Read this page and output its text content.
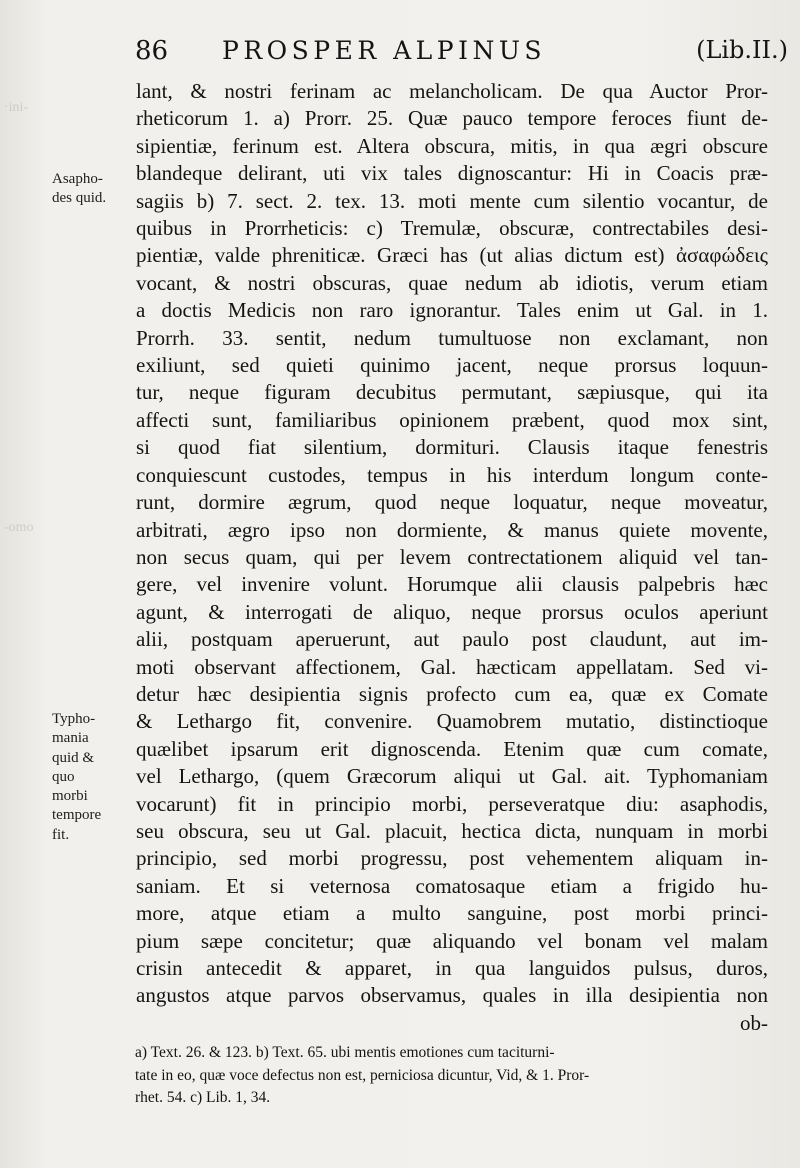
·ini-
-omo
86 PROSPER ALPINUS	(Lib.II.)
Asapho-
des quid.
Typho-
mania
quid &
quo
morbi
tempore
fit.
lant, & nostri ferinam ac melancholicam. De qua Auctor Pror-
rheticorum 1. a) Prorr. 25. Quæ pauco tempore feroces fiunt de-
sipientiæ, ferinum est. Altera obscura, mitis, in qua ægri obscure
blandeque delirant, uti vix tales dignoscantur: Hi in Coacis præ-
sagiis b) 7. sect. 2. tex. 13. moti mente cum silentio vocantur, de
quibus in Prorrheticis: c) Tremulæ, obscuræ, contrectabiles desi-
pientiæ, valde phreniticæ. Græci has (ut alias dictum est) ἀσαφώδεις
vocant, & nostri obscuras, quae nedum ab idiotis, verum etiam
a doctis Medicis non raro ignorantur. Tales enim ut Gal. in 1.
Prorrh. 33. sentit, nedum tumultuose non exclamant, non
exiliunt, sed quieti quinimo jacent, neque prorsus loquun-
tur, neque figuram decubitus permutant, sæpiusque, qui ita
affecti sunt, familiaribus opinionem præbent, quod mox sint,
si quod fiat silentium, dormituri. Clausis itaque fenestris
conquiescunt custodes, tempus in his interdum longum conte-
runt, dormire ægrum, quod neque loquatur, neque moveatur,
arbitrati, ægro ipso non dormiente, & manus quiete movente,
non secus quam, qui per levem contrectationem aliquid vel tan-
gere, vel invenire volunt. Horumque alii clausis palpebris hæc
agunt, & interrogati de aliquo, neque prorsus oculos aperiunt
alii, postquam aperuerunt, aut paulo post claudunt, aut im-
moti observant affectionem, Gal. hæcticam appellatam. Sed vi-
detur hæc desipientia signis profecto cum ea, quæ ex Comate
& Lethargo fit, convenire. Quamobrem mutatio, distinctioque
quælibet ipsarum erit dignoscenda. Etenim quæ cum comate,
vel Lethargo, (quem Græcorum aliqui ut Gal. ait. Typhomaniam
vocarunt) fit in principio morbi, perseveratque diu: asaphodis,
seu obscura, seu ut Gal. placuit, hectica dicta, nunquam in morbi
principio, sed morbi progressu, post vehementem aliquam in-
saniam. Et si veternosa comatosaque etiam a frigido hu-
more, atque etiam a multo sanguine, post morbi princi-
pium sæpe concitetur; quæ aliquando vel bonam vel malam
crisin antecedit & apparet, in qua languidos pulsus, duros,
angustos atque parvos observamus, quales in illa desipientia non
ob-
a) Text. 26. & 123. b) Text. 65. ubi mentis emotiones cum taciturni-
tate in eo, quæ voce defectus non est, perniciosa dicuntur, Vid, & 1. Pror-
rhet. 54. c) Lib. 1, 34.
